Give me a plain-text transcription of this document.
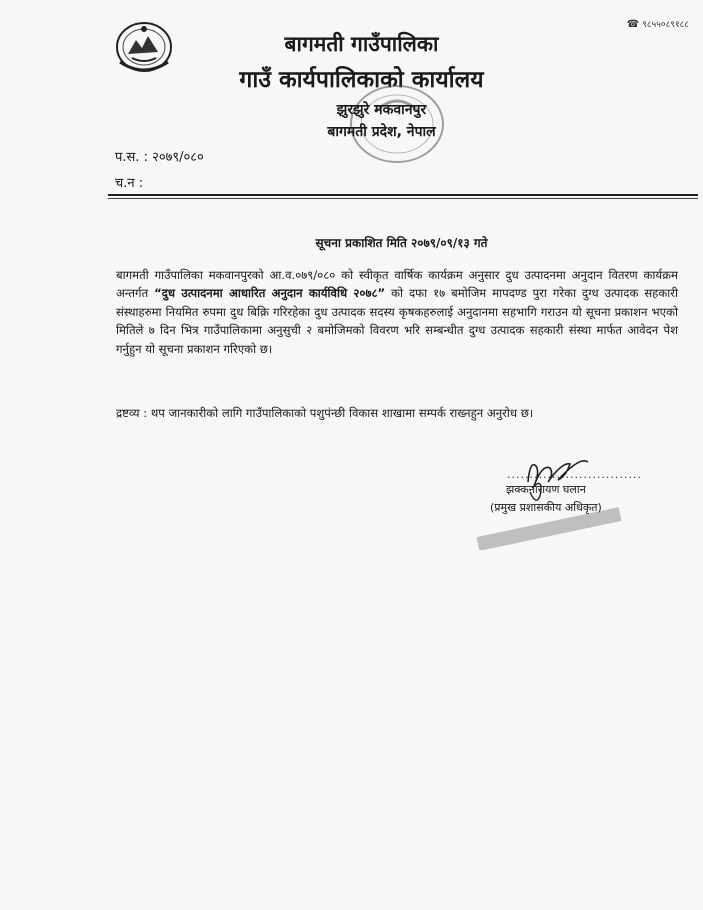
☎ ९८५५०८९१८८
बागमती गाउँपालिका
गाउँ कार्यपालिकाको कार्यालय
झुरझुरे मकवानपुर
बागमती प्रदेश, नेपाल
प.स. : २०७९/०८०
च.न :
सूचना प्रकाशित मिति २०७९/०९/१३ गते
बागमती गाउँपालिका मकवानपुरको आ.व.०७९/०८० को स्वीकृत वार्षिक कार्यक्रम अनुसार दुध उत्पादनमा अनुदान वितरण कार्यक्रम अन्तर्गत “दुध उत्पादनमा आधारित अनुदान कार्यविधि २०७८” को दफा १७ बमोजिम मापदण्ड पुरा गरेका दुग्ध उत्पादक सहकारी संस्थाहरुमा नियमित रुपमा दुध बिक्रि गरिरहेका दुध उत्पादक सदस्य कृषकहरुलाई अनुदानमा सहभागि गराउन यो सूचना प्रकाशन भएको मितिले ७ दिन भित्र गाउँपालिकामा अनुसुची २ बमोजिमको विवरण भरि सम्बन्धीत दुग्ध उत्पादक सहकारी संस्था मार्फत आवेदन पेश गर्नुहुन यो सूचना प्रकाशन गरिएको छ।
द्रष्टव्य : थप जानकारीको लागि गाउँपालिकाको पशुपंन्छी विकास शाखामा सम्पर्क राख्नहुन अनुरोध छ।
..............................
झक्कनारायण घलान
(प्रमुख प्रशासकीय अधिकृत)
